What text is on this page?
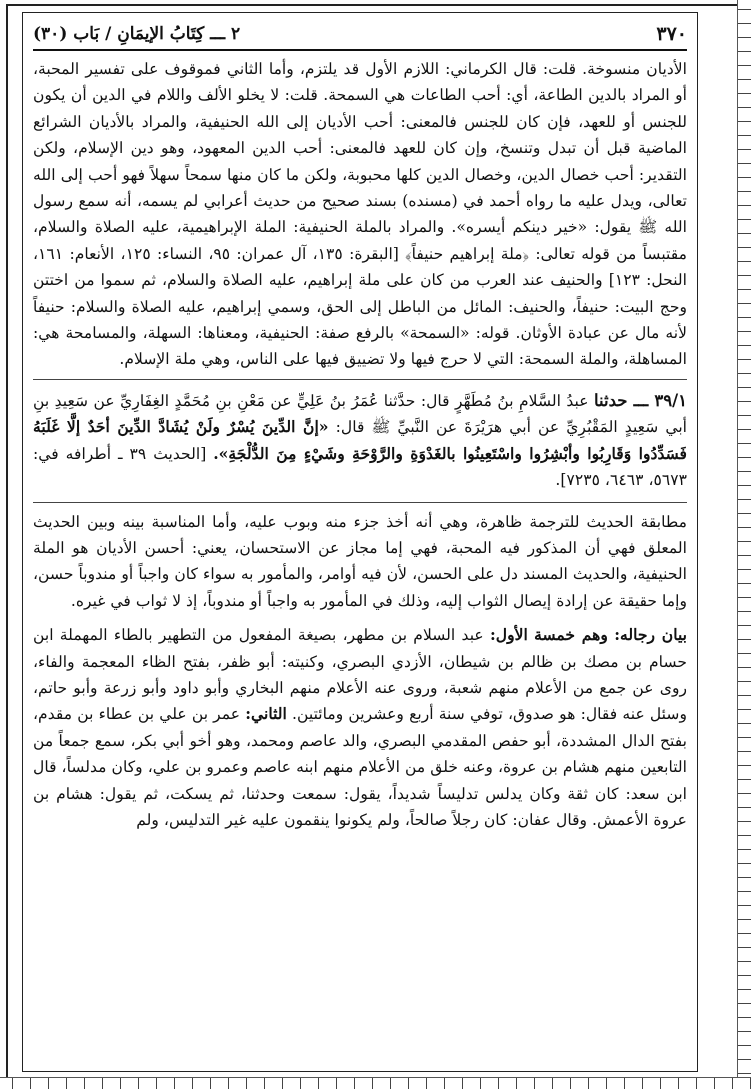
٣٧٠
٢ ـــ كِتَابُ الإيمَانِ / بَاب (٣٠)

الأديان منسوخة. قلت: قال الكرماني: اللازم الأول قد يلتزم، وأما الثاني فموقوف على تفسير المحبة، أو المراد بالدين الطاعة، أي: أحب الطاعات هي السمحة. قلت: لا يخلو الألف واللام في الدين أن يكون للجنس أو للعهد، فإن كان للجنس فالمعنى: أحب الأديان إلى الله الحنيفية، والمراد بالأديان الشرائع الماضية قبل أن تبدل وتنسخ، وإن كان للعهد فالمعنى: أحب الدين المعهود، وهو دين الإسلام، ولكن التقدير: أحب خصال الدين، وخصال الدين كلها محبوبة، ولكن ما كان منها سمحاً سهلاً فهو أحب إلى الله تعالى، ويدل عليه ما رواه أحمد في (مسنده) بسند صحيح من حديث أعرابي لم يسمه، أنه سمع رسول الله ﷺ يقول: «خير دينكم أيسره». والمراد بالملة الحنيفية: الملة الإبراهيمية، عليه الصلاة والسلام، مقتبساً من قوله تعالى: ﴿ملة إبراهيم حنيفاً﴾ [البقرة: ١٣٥، آل عمران: ٩٥، النساء: ١٢٥، الأنعام: ١٦١، النحل: ١٢٣] والحنيف عند العرب من كان على ملة إبراهيم، عليه الصلاة والسلام، ثم سموا من اختتن وحج البيت: حنيفاً، والحنيف: المائل من الباطل إلى الحق، وسمي إبراهيم، عليه الصلاة والسلام: حنيفاً لأنه مال عن عبادة الأوثان. قوله: «السمحة» بالرفع صفة: الحنيفية، ومعناها: السهلة، والمسامحة هي: المساهلة، والملة السمحة: التي لا حرج فيها ولا تضييق فيها على الناس، وهي ملة الإسلام.

٣٩/١ ـــ حدثنا عبدُ السَّلامِ بنُ مُطَهَّرٍ قال: حدَّثنا عُمَرُ بنُ عَلِيٍّ عن مَعْنِ بنِ مُحَمَّدٍ الغِفَارِيِّ عن سَعِيدِ بنِ أبي سَعِيدٍ المَقْبُرِيِّ عن أبي هرَيْرَةَ عن النَّبيِّ ﷺ قال: «إنَّ الدِّينَ يُسْرٌ ولَنْ يُشَادَّ الدِّينَ أحَدٌ إلَّا غَلَبَهُ فَسَدِّدُوا وَقَارِبُوا وأبْشِرُوا واسْتَعِينُوا بالغَدْوَةِ والرَّوْحَةِ وشَيْءٍ مِنَ الدُّلْجَةِ». [الحديث ٣٩ ـ أطرافه في: ٥٦٧٣، ٦٤٦٣، ٧٢٣٥].

مطابقة الحديث للترجمة ظاهرة، وهي أنه أخذ جزء منه وبوب عليه، وأما المناسبة بينه وبين الحديث المعلق فهي أن المذكور فيه المحبة، فهي إما مجاز عن الاستحسان، يعني: أحسن الأديان هو الملة الحنيفية، والحديث المسند دل على الحسن، لأن فيه أوامر، والمأمور به سواء كان واجباً أو مندوباً حسن، وإما حقيقة عن إرادة إيصال الثواب إليه، وذلك في المأمور به واجباً أو مندوباً، إذ لا ثواب في غيره.

بيان رجاله: وهم خمسة الأول: عبد السلام بن مطهر، بصيغة المفعول من التطهير بالطاء المهملة ابن حسام بن مصك بن ظالم بن شيطان، الأزدي البصري، وكنيته: أبو ظفر، بفتح الظاء المعجمة والفاء، روى عن جمع من الأعلام منهم شعبة، وروى عنه الأعلام منهم البخاري وأبو داود وأبو زرعة وأبو حاتم، وسئل عنه فقال: هو صدوق، توفي سنة أربع وعشرين ومائتين. الثاني: عمر بن علي بن عطاء بن مقدم، بفتح الدال المشددة، أبو حفص المقدمي البصري، والد عاصم ومحمد، وهو أخو أبي بكر، سمع جمعاً من التابعين منهم هشام بن عروة، وعنه خلق من الأعلام منهم ابنه عاصم وعمرو بن علي، وكان مدلساً، قال ابن سعد: كان ثقة وكان يدلس تدليساً شديداً، يقول: سمعت وحدثنا، ثم يسكت، ثم يقول: هشام بن عروة الأعمش. وقال عفان: كان رجلاً صالحاً، ولم يكونوا ينقمون عليه غير التدليس، ولم
